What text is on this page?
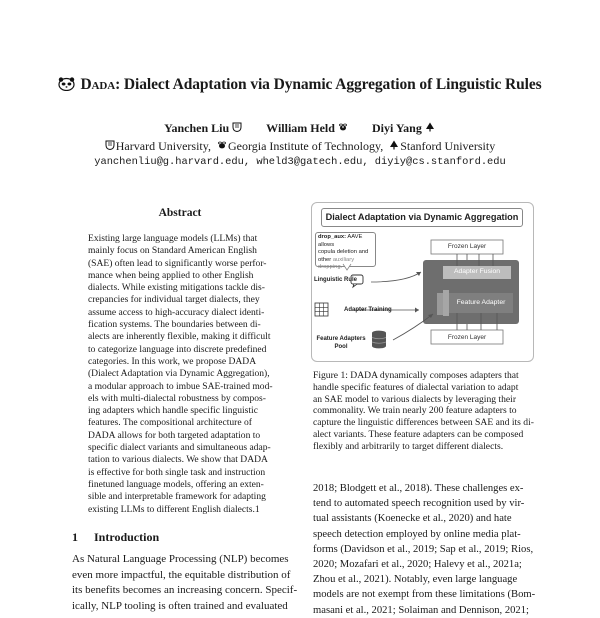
Dada: Dialect Adaptation via Dynamic Aggregation of Linguistic Rules
Yanchen Liu	William Held	Diyi Yang
Harvard University, Georgia Institute of Technology, Stanford University
yanchenliu@g.harvard.edu, wheld3@gatech.edu, diyiy@cs.stanford.edu
Abstract
Existing large language models (LLMs) that
mainly focus on Standard American English
(SAE) often lead to significantly worse perfor-
mance when being applied to other English
dialects. While existing mitigations tackle dis-
crepancies for individual target dialects, they
assume access to high-accuracy dialect identi-
fication systems. The boundaries between di-
alects are inherently flexible, making it difficult
to categorize language into discrete predefined
categories. In this work, we propose DADA
(Dialect Adaptation via Dynamic Aggregation),
a modular approach to imbue SAE-trained mod-
els with multi-dialectal robustness by compos-
ing adapters which handle specific linguistic
features. The compositional architecture of
DADA allows for both targeted adaptation to
specific dialect variants and simultaneous adap-
tation to various dialects. We show that DADA
is effective for both single task and instruction
finetuned language models, offering an exten-
sible and interpretable framework for adapting
existing LLMs to different English dialects.1
1 Introduction
As Natural Language Processing (NLP) becomes
even more impactful, the equitable distribution of
its benefits becomes an increasing concern. Specif-
ically, NLP tooling is often trained and evaluated
Dialect Adaptation via Dynamic Aggregation
drop_aux: AAVE allows
copula deletion and
other auxiliary dropping.
Linguistic Rule
Adapter Training
Feature Adapters
Pool
Frozen Layer
Adapter Fusion
Feature Adapter
Frozen Layer
Figure 1: DADA dynamically composes adapters that
handle specific features of dialectal variation to adapt
an SAE model to various dialects by leveraging their
commonality. We train nearly 200 feature adapters to
capture the linguistic differences between SAE and its di-
alect variants. These feature adapters can be composed
flexibly and arbitrarily to target different dialects.
2018; Blodgett et al., 2018). These challenges ex-
tend to automated speech recognition used by vir-
tual assistants (Koenecke et al., 2020) and hate
speech detection employed by online media plat-
forms (Davidson et al., 2019; Sap et al., 2019; Rios,
2020; Mozafari et al., 2020; Halevy et al., 2021a;
Zhou et al., 2021). Notably, even large language
models are not exempt from these limitations (Bom-
masani et al., 2021; Solaiman and Dennison, 2021;
